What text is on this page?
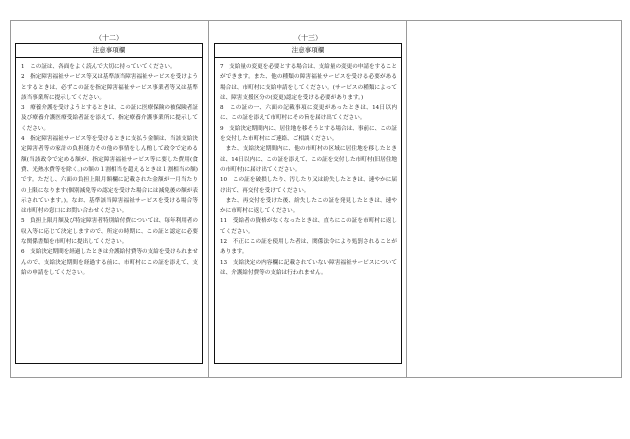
（十二）
注意事項欄

1　この証は、各面をよく読んで大切に持っていてください。

2　指定障害福祉サービス等又は基準該当障害福祉サービスを受けようとするときは、必ずこの証を指定障害福祉サービス事業者等又は基準該当事業所に提示してください。

3　療養介護を受けようとするときは、この証に医療保険の被保険者証及び療養介護医療受給者証を添えて、指定療養介護事業所に提示してください。

4　指定障害福祉サービス等を受けるときに支払う金額は、当該支給決定障害者等の家計の負担能力その他の事情をしん酌して政令で定める額(当該政令で定める額が、指定障害福祉サービス等に要した費用(食費、光熱水費等を除く。)の額の１割相当を超えるときは１割相当の額)です。ただし、六面の負担上限月額欄に記載された金額が一月当たりの上限になります(個別減免等の認定を受けた場合には減免後の額が表示されています。)。なお、基準該当障害福祉サービスを受ける場合等は市町村の窓口にお問い合わせください。

5　負担上限月額及び特定障害者特別給付費については、毎年利用者の収入等に応じて決定しますので、所定の時期に、この証と認定に必要な関係書類を市町村に提出してください。

6　支給決定期間を経過したときは介護給付費等の支給を受けられませんので、支給決定期間を経過する前に、市町村にこの証を添えて、支給の申請をしてください。

（十三）
注意事項欄

7　支給量の変更を必要とする場合は、支給量の変更の申請をすることができます。また、他の種類の障害福祉サービスを受ける必要がある場合は、市町村に支給申請をしてください。(サービスの種類によっては、障害支援区分の(変更)認定を受ける必要があります。)

8　この証の一、六面の記載事項に変更があったときは、14日以内に、この証を添えて市町村にその旨を届け出てください。

9　支給決定期間内に、居住地を移そうとする場合は、事前に、この証を交付した市町村にご連絡、ご相談ください。

また、支給決定期間内に、他の市町村の区域に居住地を移したときは、14日以内に、この証を添えて、この証を交付した市町村(旧居住地の市町村)に届け出てください。

10　この証を破損したり、汚したり又は紛失したときは、速やかに届け出て、再交付を受けてください。

また、再交付を受けた後、紛失したこの証を発見したときは、速やかに市町村に返してください。

11　受給者の資格がなくなったときは、直ちにこの証を市町村に返してください。

12　不正にこの証を使用した者は、関係法令により処罰されることがあります。

13　支給決定の内容欄に記載されていない障害福祉サービスについては、介護給付費等の支給は行われません。
